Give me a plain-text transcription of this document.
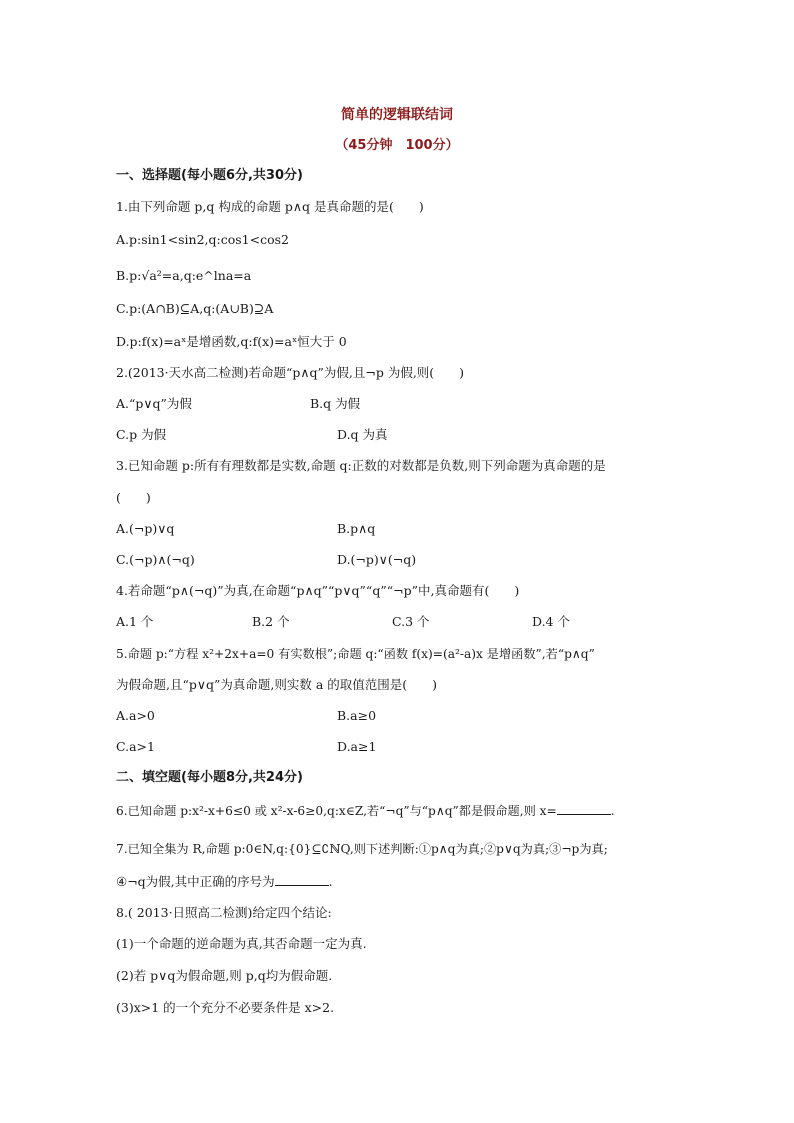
简单的逻辑联结词
（45分钟　100分）
一、选择题(每小题6分,共30分)
1.由下列命题 p,q 构成的命题 p∧q 是真命题的是(　　)
A.p:sin1<sin2,q:cos1<cos2
B.p:√a²=a,q:e^lna=a
C.p:(A∩B)⊆A,q:(A∪B)⊇A
D.p:f(x)=aˣ是增函数,q:f(x)=aˣ恒大于 0
2.(2013·天水高二检测)若命题“p∧q”为假,且¬p 为假,则(　　)
A.“p∨q”为假	B.q 为假
C.p 为假	D.q 为真
3.已知命题 p:所有有理数都是实数,命题 q:正数的对数都是负数,则下列命题为真命题的是
(　　)
A.(¬p)∨q	B.p∧q
C.(¬p)∧(¬q)	D.(¬p)∨(¬q)
4.若命题“p∧(¬q)”为真,在命题“p∧q”“p∨q”“q”“¬p”中,真命题有(　　)
A.1 个	B.2 个	C.3 个	D.4 个
5.命题 p:“方程 x²+2x+a=0 有实数根”;命题 q:“函数 f(x)=(a²-a)x 是增函数”,若“p∧q”
为假命题,且“p∨q”为真命题,则实数 a 的取值范围是(　　)
A.a>0	B.a≥0
C.a>1	D.a≥1
二、填空题(每小题8分,共24分)
6.已知命题 p:x²-x+6≤0 或 x²-x-6≥0,q:x∈Z,若“¬q”与“p∧q”都是假命题,则 x=	.
7.已知全集为 R,命题 p:0∈N,q:{0}⊆∁ℕQ,则下述判断:①p∧q为真;②p∨q为真;③¬p为真;
④¬q为假,其中正确的序号为	.
8.( 2013·日照高二检测)给定四个结论:
(1)一个命题的逆命题为真,其否命题一定为真.
(2)若 p∨q为假命题,则 p,q均为假命题.
(3)x>1 的一个充分不必要条件是 x>2.
